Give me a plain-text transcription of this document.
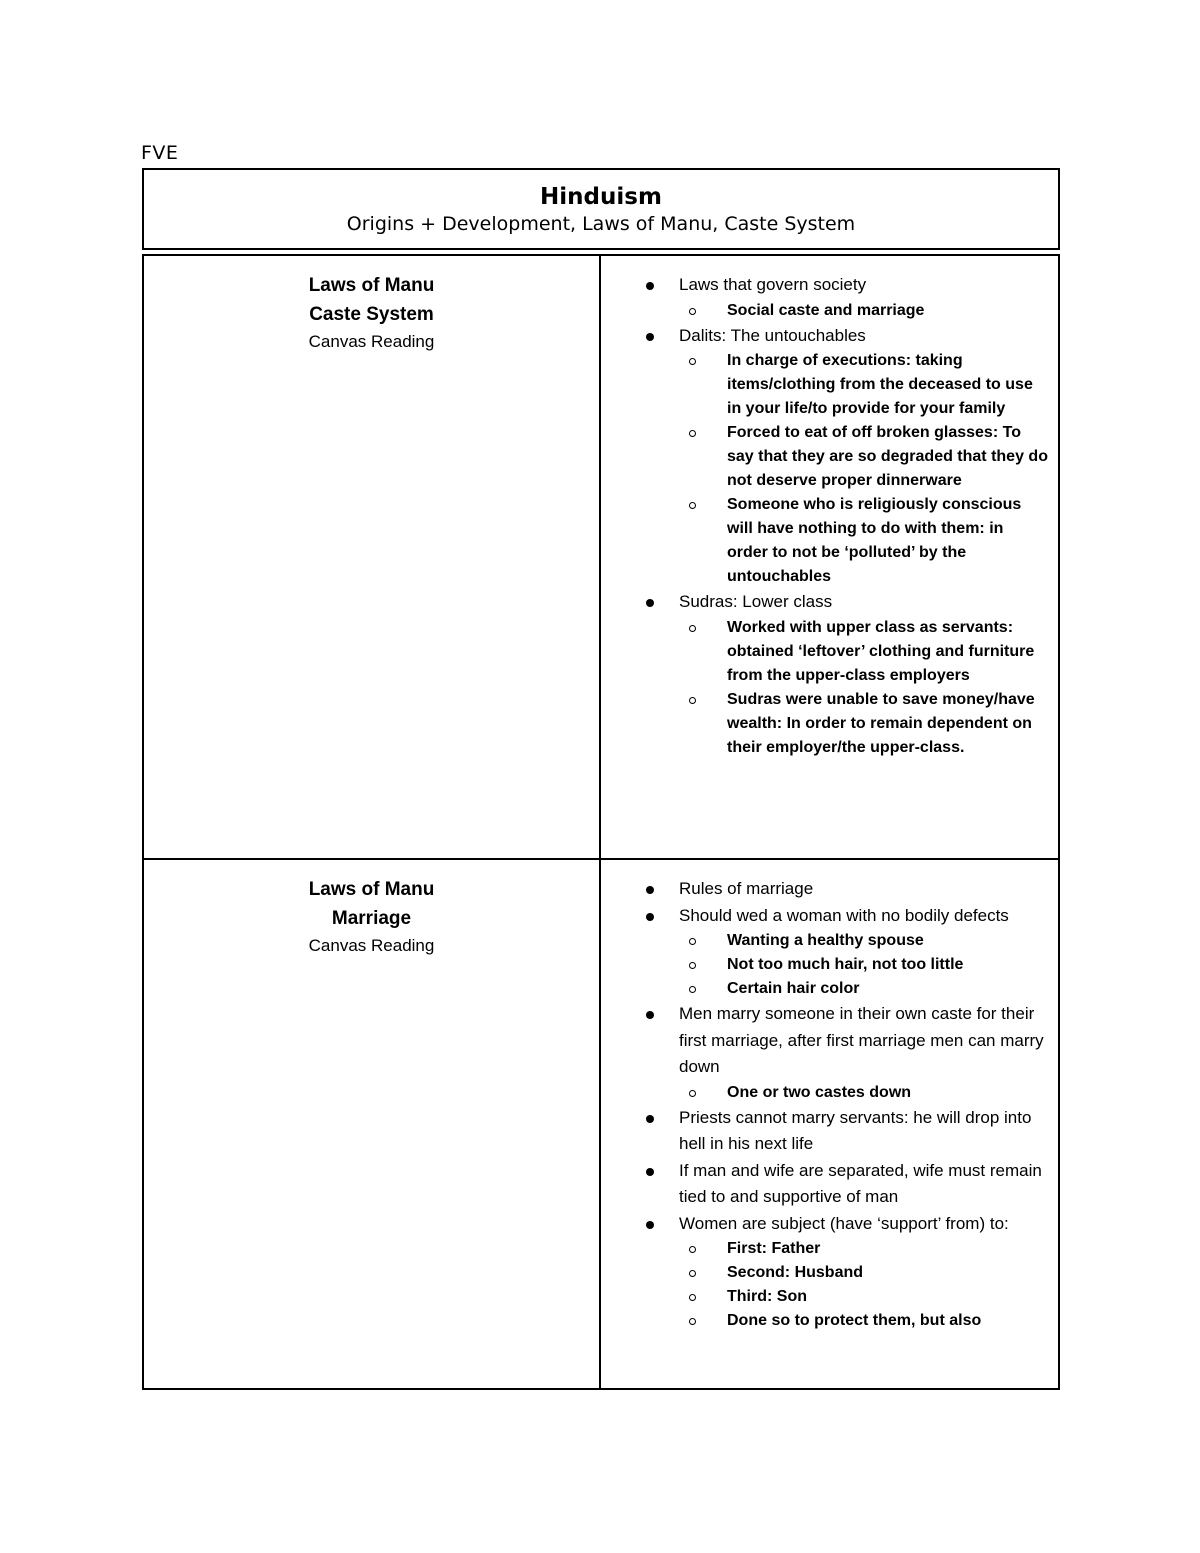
FVE
Hinduism
Origins + Development, Laws of Manu, Caste System
Laws of Manu
Caste System
Canvas Reading
Laws that govern society
Social caste and marriage
Dalits: The untouchables
In charge of executions: taking items/clothing from the deceased to use in your life/to provide for your family
Forced to eat of off broken glasses: To say that they are so degraded that they do not deserve proper dinnerware
Someone who is religiously conscious will have nothing to do with them: in order to not be ‘polluted’ by the untouchables
Sudras: Lower class
Worked with upper class as servants: obtained ‘leftover’ clothing and furniture from the upper-class employers
Sudras were unable to save money/have wealth: In order to remain dependent on their employer/the upper-class.
Laws of Manu
Marriage
Canvas Reading
Rules of marriage
Should wed a woman with no bodily defects
Wanting a healthy spouse
Not too much hair, not too little
Certain hair color
Men marry someone in their own caste for their first marriage, after first marriage men can marry down
One or two castes down
Priests cannot marry servants: he will drop into hell in his next life
If man and wife are separated, wife must remain tied to and supportive of man
Women are subject (have ‘support’ from) to:
First: Father
Second: Husband
Third: Son
Done so to protect them, but also
